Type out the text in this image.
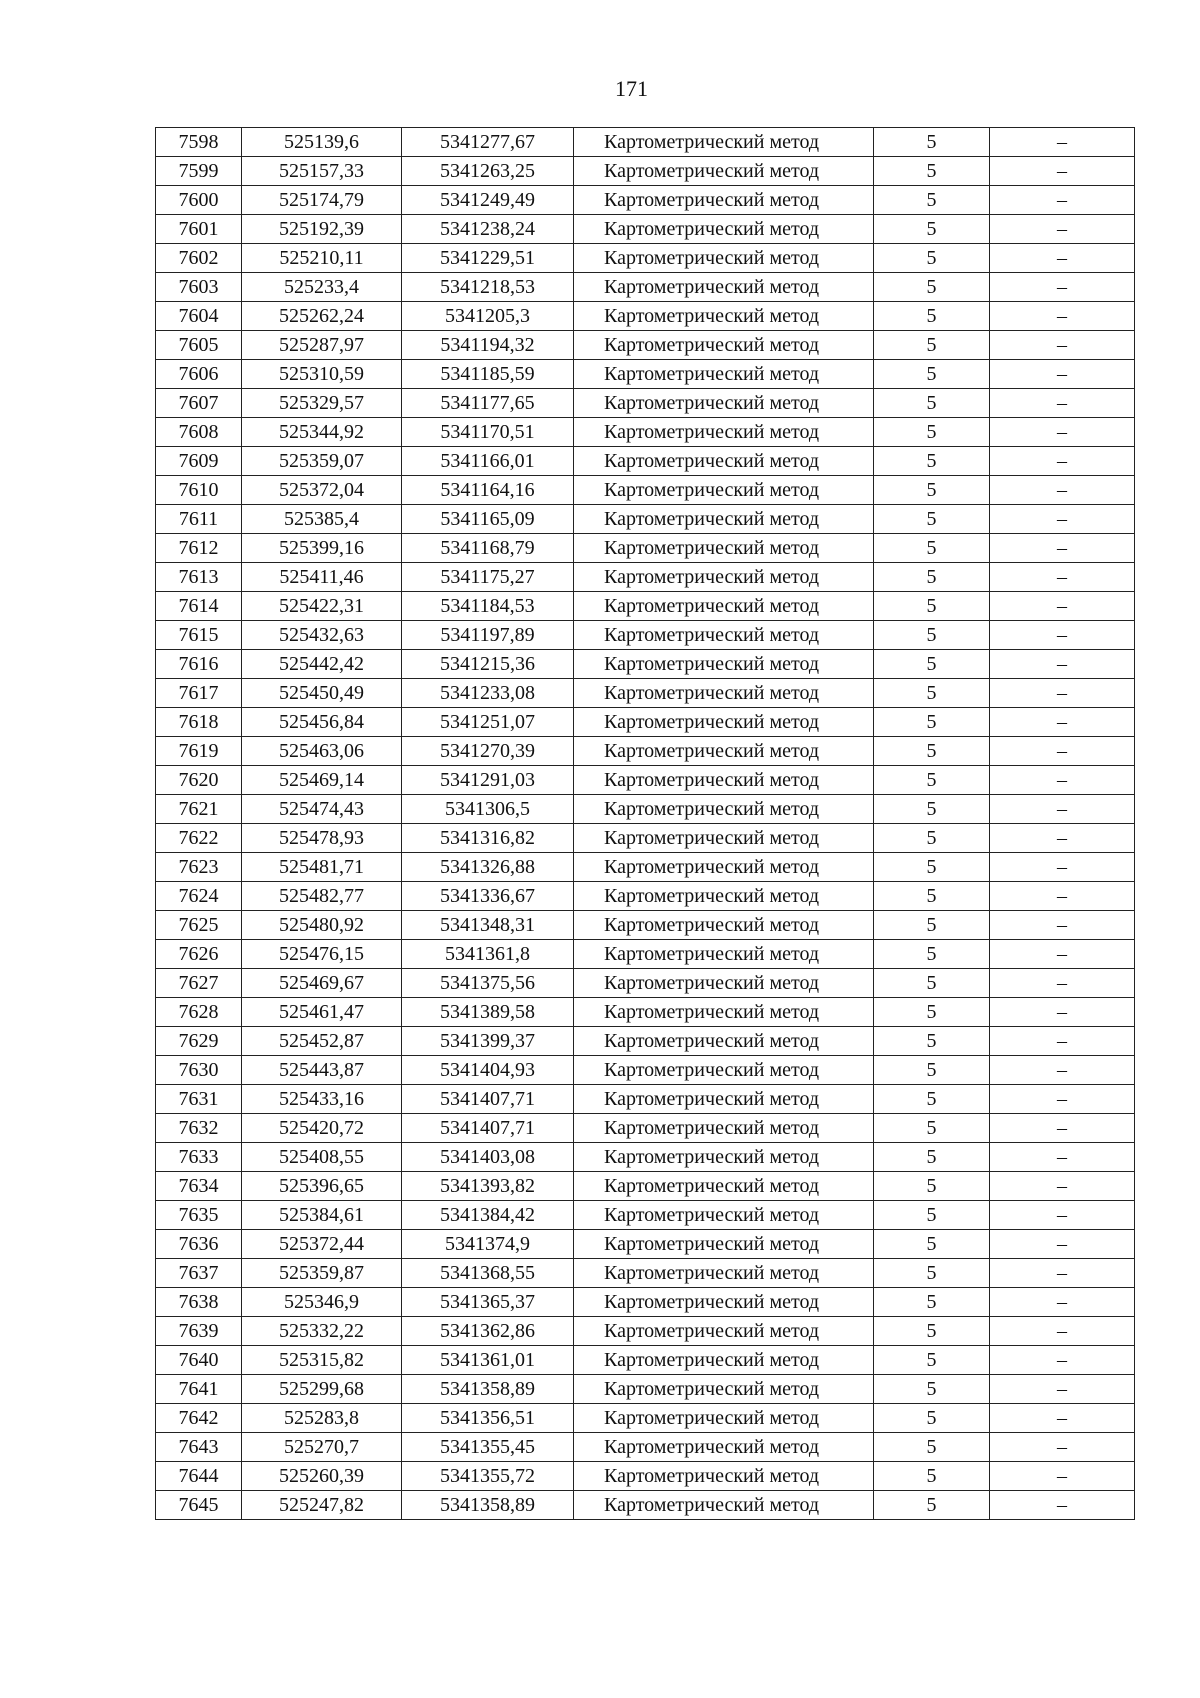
171
7598	525139,6	5341277,67	Картометрический метод	5	–
7599	525157,33	5341263,25	Картометрический метод	5	–
7600	525174,79	5341249,49	Картометрический метод	5	–
7601	525192,39	5341238,24	Картометрический метод	5	–
7602	525210,11	5341229,51	Картометрический метод	5	–
7603	525233,4	5341218,53	Картометрический метод	5	–
7604	525262,24	5341205,3	Картометрический метод	5	–
7605	525287,97	5341194,32	Картометрический метод	5	–
7606	525310,59	5341185,59	Картометрический метод	5	–
7607	525329,57	5341177,65	Картометрический метод	5	–
7608	525344,92	5341170,51	Картометрический метод	5	–
7609	525359,07	5341166,01	Картометрический метод	5	–
7610	525372,04	5341164,16	Картометрический метод	5	–
7611	525385,4	5341165,09	Картометрический метод	5	–
7612	525399,16	5341168,79	Картометрический метод	5	–
7613	525411,46	5341175,27	Картометрический метод	5	–
7614	525422,31	5341184,53	Картометрический метод	5	–
7615	525432,63	5341197,89	Картометрический метод	5	–
7616	525442,42	5341215,36	Картометрический метод	5	–
7617	525450,49	5341233,08	Картометрический метод	5	–
7618	525456,84	5341251,07	Картометрический метод	5	–
7619	525463,06	5341270,39	Картометрический метод	5	–
7620	525469,14	5341291,03	Картометрический метод	5	–
7621	525474,43	5341306,5	Картометрический метод	5	–
7622	525478,93	5341316,82	Картометрический метод	5	–
7623	525481,71	5341326,88	Картометрический метод	5	–
7624	525482,77	5341336,67	Картометрический метод	5	–
7625	525480,92	5341348,31	Картометрический метод	5	–
7626	525476,15	5341361,8	Картометрический метод	5	–
7627	525469,67	5341375,56	Картометрический метод	5	–
7628	525461,47	5341389,58	Картометрический метод	5	–
7629	525452,87	5341399,37	Картометрический метод	5	–
7630	525443,87	5341404,93	Картометрический метод	5	–
7631	525433,16	5341407,71	Картометрический метод	5	–
7632	525420,72	5341407,71	Картометрический метод	5	–
7633	525408,55	5341403,08	Картометрический метод	5	–
7634	525396,65	5341393,82	Картометрический метод	5	–
7635	525384,61	5341384,42	Картометрический метод	5	–
7636	525372,44	5341374,9	Картометрический метод	5	–
7637	525359,87	5341368,55	Картометрический метод	5	–
7638	525346,9	5341365,37	Картометрический метод	5	–
7639	525332,22	5341362,86	Картометрический метод	5	–
7640	525315,82	5341361,01	Картометрический метод	5	–
7641	525299,68	5341358,89	Картометрический метод	5	–
7642	525283,8	5341356,51	Картометрический метод	5	–
7643	525270,7	5341355,45	Картометрический метод	5	–
7644	525260,39	5341355,72	Картометрический метод	5	–
7645	525247,82	5341358,89	Картометрический метод	5	–
